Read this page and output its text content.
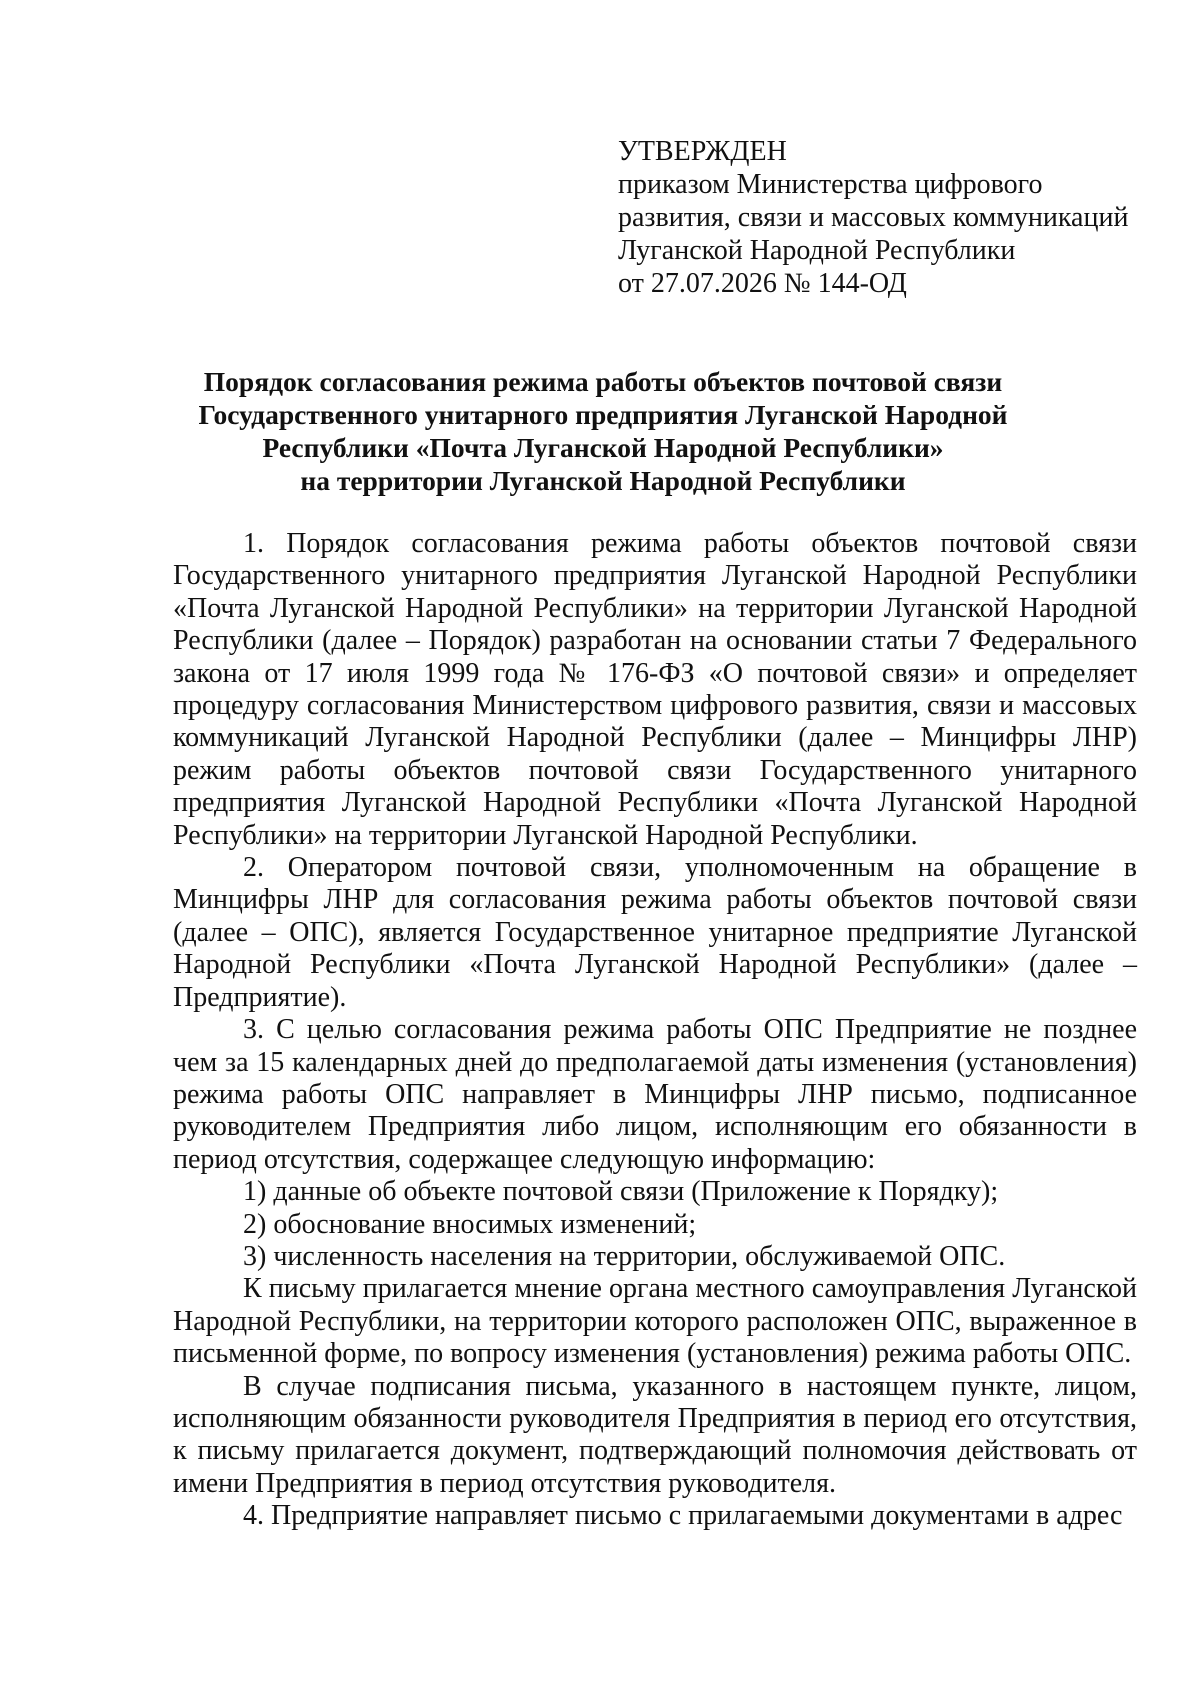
УТВЕРЖДЕН
приказом Министерства цифрового
развития, связи и массовых коммуникаций
Луганской Народной Республики
от 27.07.2026 № 144-ОД
Порядок согласования режима работы объектов почтовой связи
Государственного унитарного предприятия Луганской Народной
Республики «Почта Луганской Народной Республики»
на территории Луганской Народной Республики

1. Порядок согласования режима работы объектов почтовой связи Государственного унитарного предприятия Луганской Народной Республики «Почта Луганской Народной Республики» на территории Луганской Народной Республики (далее – Порядок) разработан на основании статьи 7 Федерального закона от 17 июля 1999 года № 176-ФЗ «О почтовой связи» и определяет процедуру согласования Министерством цифрового развития, связи и массовых коммуникаций Луганской Народной Республики (далее – Минцифры ЛНР) режим работы объектов почтовой связи Государственного унитарного предприятия Луганской Народной Республики «Почта Луганской Народной Республики» на территории Луганской Народной Республики.

2. Оператором почтовой связи, уполномоченным на обращение в Минцифры ЛНР для согласования режима работы объектов почтовой связи (далее – ОПС), является Государственное унитарное предприятие Луганской Народной Республики «Почта Луганской Народной Республики» (далее – Предприятие).

3. С целью согласования режима работы ОПС Предприятие не позднее чем за 15 календарных дней до предполагаемой даты изменения (установления) режима работы ОПС направляет в Минцифры ЛНР письмо, подписанное руководителем Предприятия либо лицом, исполняющим его обязанности в период отсутствия, содержащее следующую информацию:

1) данные об объекте почтовой связи (Приложение к Порядку);

2) обоснование вносимых изменений;

3) численность населения на территории, обслуживаемой ОПС.

К письму прилагается мнение органа местного самоуправления Луганской Народной Республики, на территории которого расположен ОПС, выраженное в письменной форме, по вопросу изменения (установления) режима работы ОПС.

В случае подписания письма, указанного в настоящем пункте, лицом, исполняющим обязанности руководителя Предприятия в период его отсутствия, к письму прилагается документ, подтверждающий полномочия действовать от имени Предприятия в период отсутствия руководителя.

4. Предприятие направляет письмо с прилагаемыми документами в адрес
